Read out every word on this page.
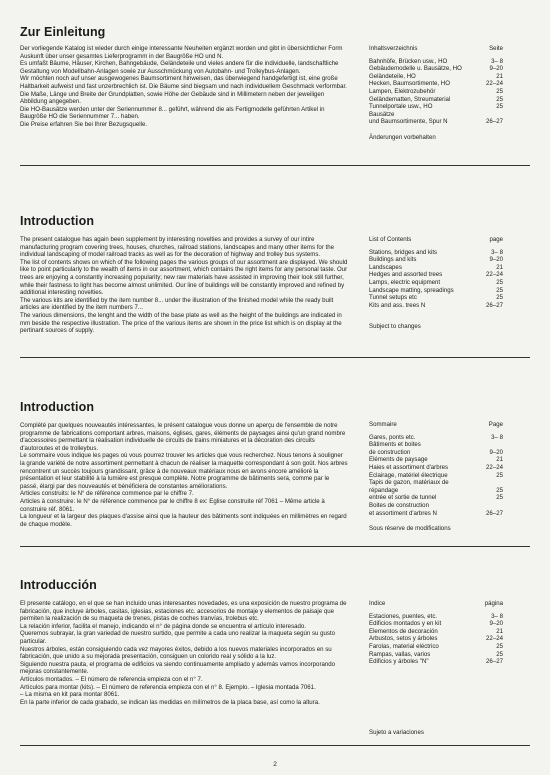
Zur Einleitung

Der vorliegende Katalog ist wieder durch einige interessante Neuheiten ergänzt worden und gibt in übersichtlicher Form Auskunft über unser gesamtes Lieferprogramm in der Baugröße HO und N.

Es umfaßt Bäume, Häuser, Kirchen, Bahngebäude, Geländeteile und vieles andere für die individuelle, landschaftliche Gestaltung von Modellbahn-Anlagen sowie zur Ausschmückung von Autobahn- und Trolleybus-Anlagen.

Wir möchten noch auf unser ausgewogenes Baumsortiment hinweisen, das überwiegend handgefertigt ist, eine große Haltbarkeit aufweist und fast unzerbrechlich ist. Die Bäume sind biegsam und nach individuellem Geschmack verformbar.

Die Maße, Länge und Breite der Grundplatten, sowie Höhe der Gebäude sind in Millimetern neben der jeweiligen Abbildung angegeben.

Die HO-Bausätze werden unter der Seriennummer 8... geführt, während die als Fertigmodelle geführten Artikel in Baugröße HO die Seriennummer 7... haben.

Die Preise erfahren Sie bei Ihrer Bezugsquelle.

Inhaltsverzeichnis	Seite
Bahnhöfe, Brücken usw., HO	3– 8
Gebäudemodelle u. Bausätze, HO	9–20
Geländeteile, HO	21
Hecken, Baumsortimente, HO	22–24
Lampen, Elektrozubehör	25
Geländematten, Streumaterial	25
Tunnelportale usw., HO	25
Bausätze
und Baumsortimente, Spur N	26–27
Änderungen vorbehalten
Introduction

The present catalogue has again been supplement by interesting novelties and provides a survey of our intire manufacturing program covering trees, houses, churches, railroad stations, landscapes and many other items for the individual landscaping of model railroad tracks as well as for the decoration of highway and trolley bus systems.

The list of contents shows on which of the following pages the various groups of our assortment are displayed. We should like to point particularly to the wealth of items in our assortment, which contains the right items for any personal taste. Our trees are enjoying a constantly increasing popularity; new raw materials have assisted in improving their look still further, while their fastness to light has become almost unlimited. Our line of buildings will be constantly improved and refined by additional interesting novelties.

The various kits are identified by the item number 8... under the illustration of the finished model while the ready built articles are identified by the item numbers 7...

The various dimensions, the lenght and the width of the base plate as well as the height of the buildings are indicated in mm beside the respective illustration. The price of the various items are shown in the price list which is on display at the pertinant sources of supply.

List of Contents	page
Stations, bridges and kits	3– 8
Buildings and kits	9–20
Landscapes	21
Hedges and assorted trees	22–24
Lamps, electric equipment	25
Landscape matting, spreadings	25
Tunnel setups etc	25
Kits and ass. trees N	26–27
Subject to changes
Introduction

Complété par quelques nouveautés intéressantes, le présent catalogue vous donne un aperçu de l'ensemble de notre programme de fabrications comportant arbres, maisons, églises, gares, éléments de paysages ainsi qu'un grand nombre d'accessoires permettant la réalisation individuelle de circuits de trains miniatures et la décoration des circuits d'autoroutes et de trolleybus.

Le sommaire vous indique les pages où vous pourrez trouver les articles que vous recherchez. Nous tenons à souligner la grande variété de notre assortiment permettant à chacun de réaliser la maquette correspondant à son goût. Nos arbres rencontrent un succès toujours grandissant, grâce à de nouveaux matériaux nous en avons encore amélioré la présentation et leur stabilité à la lumière est presque complète. Notre programme de bâtiments sera, comme par le passé, élargi par des nouveautés et bénéficiera de constantes améliorations.

Articles construits: le N° de référence commence par le chiffre 7.

Articles à construire: le N° de référence commence par le chiffre 8 ex: Eglise construite réf 7061 – Même article à construire réf. 8061.

La longueur et la largeur des plaques d'assise ainsi que la hauteur des bâtiments sont indiquées en millimètres en regard de chaque modèle.

Sommaire	Page
Gares, ponts etc.	3– 8
Bâtiments et boites
de construction	9–20
Eléments de paysage	21
Haies et assortiment d'arbres	22–24
Eclairage, matériel électrique	25
Tapis de gazon, matériaux de
répandage	25
entrée et sortie de tunnel	25
Boites de construction
et assortiment d'arbres N	26–27
Sous réserve de modifications
Introducción

El presente catálogo, en el que se han incluido unas interesantes novedades, es una exposición de nuestro programa de fabricación, que incluye árboles, casitas, iglesias, estaciones etc. accesorios de montaje y elementos de paisaje que permiten la realización de su maqueta de trenes, pistas de coches tranvías, trolebus etc.

La relación inferior, facilita el manejo, indicando el n° de página donde se encuentra el artículo interesado.

Queremos subrayar, la gran variedad de nuestro surtido, que permite a cada uno realizar la maqueta según su gusto particular.

Nuestros árboles, están consiguiendo cada vez mayores éxitos, debido a los nuevos materiales incorporados en su fabricación, que unido a su mejorada presentación, consiguen un colorido real y sólido a la luz.

Siguiendo nuestra pauta, el programa de edificios va siendo continuamente ampliado y además vamos incorporando mejoras constantemente.

Artículos montados. – El número de referencia empieza con el n° 7.

Artículos para montar (kits). – El número de referencia empieza con el n° 8. Ejemplo. – Iglesia montada 7061.

– La misma en kit para montar 8061.

En la parte inferior de cada grabado, se indican las medidas en milímetros de la placa base, así como la altura.

Indice	página
Estaciones, puentes, etc.	3– 8
Edificios montados y en kit	9–20
Elementos de decoración	21
Arbustos, setos y árboles	22–24
Farolas, material eléctrico	25
Rampas, vallas, varios	25
Edificios y árboles "N"	26–27
Sujeto a variaciones
2
